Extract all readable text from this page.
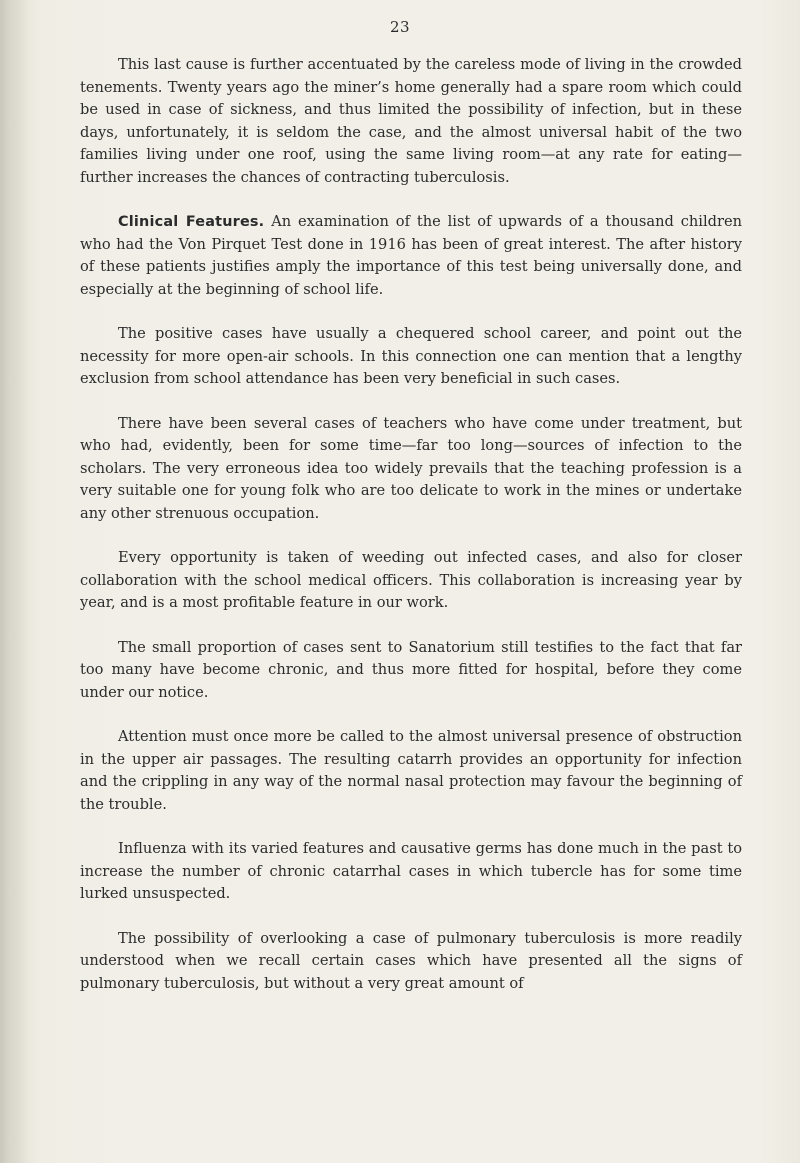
23

This last cause is further accentuated by the careless mode of living in the crowded tenements. Twenty years ago the miner’s home generally had a spare room which could be used in case of sickness, and thus limited the possibility of infection, but in these days, unfortunately, it is seldom the case, and the almost universal habit of the two families living under one roof, using the same living room—at any rate for eating—further increases the chances of contracting tuberculosis.

Clinical Features. An examination of the list of upwards of a thousand children who had the Von Pirquet Test done in 1916 has been of great interest. The after history of these patients justifies amply the importance of this test being universally done, and especially at the beginning of school life.

The positive cases have usually a chequered school career, and point out the necessity for more open-air schools. In this connection one can mention that a lengthy exclusion from school attendance has been very beneficial in such cases.

There have been several cases of teachers who have come under treatment, but who had, evidently, been for some time—far too long—sources of infection to the scholars. The very erroneous idea too widely prevails that the teaching profession is a very suitable one for young folk who are too delicate to work in the mines or undertake any other strenuous occupation.

Every opportunity is taken of weeding out infected cases, and also for closer collaboration with the school medical officers. This collaboration is increasing year by year, and is a most profitable feature in our work.

The small proportion of cases sent to Sanatorium still testifies to the fact that far too many have become chronic, and thus more fitted for hospital, before they come under our notice.

Attention must once more be called to the almost universal presence of obstruction in the upper air passages. The resulting catarrh provides an opportunity for infection and the crippling in any way of the normal nasal protection may favour the beginning of the trouble.

Influenza with its varied features and causative germs has done much in the past to increase the number of chronic catarrhal cases in which tubercle has for some time lurked unsuspected.

The possibility of overlooking a case of pulmonary tuberculosis is more readily understood when we recall certain cases which have presented all the signs of pulmonary tuberculosis, but without a very great amount of
